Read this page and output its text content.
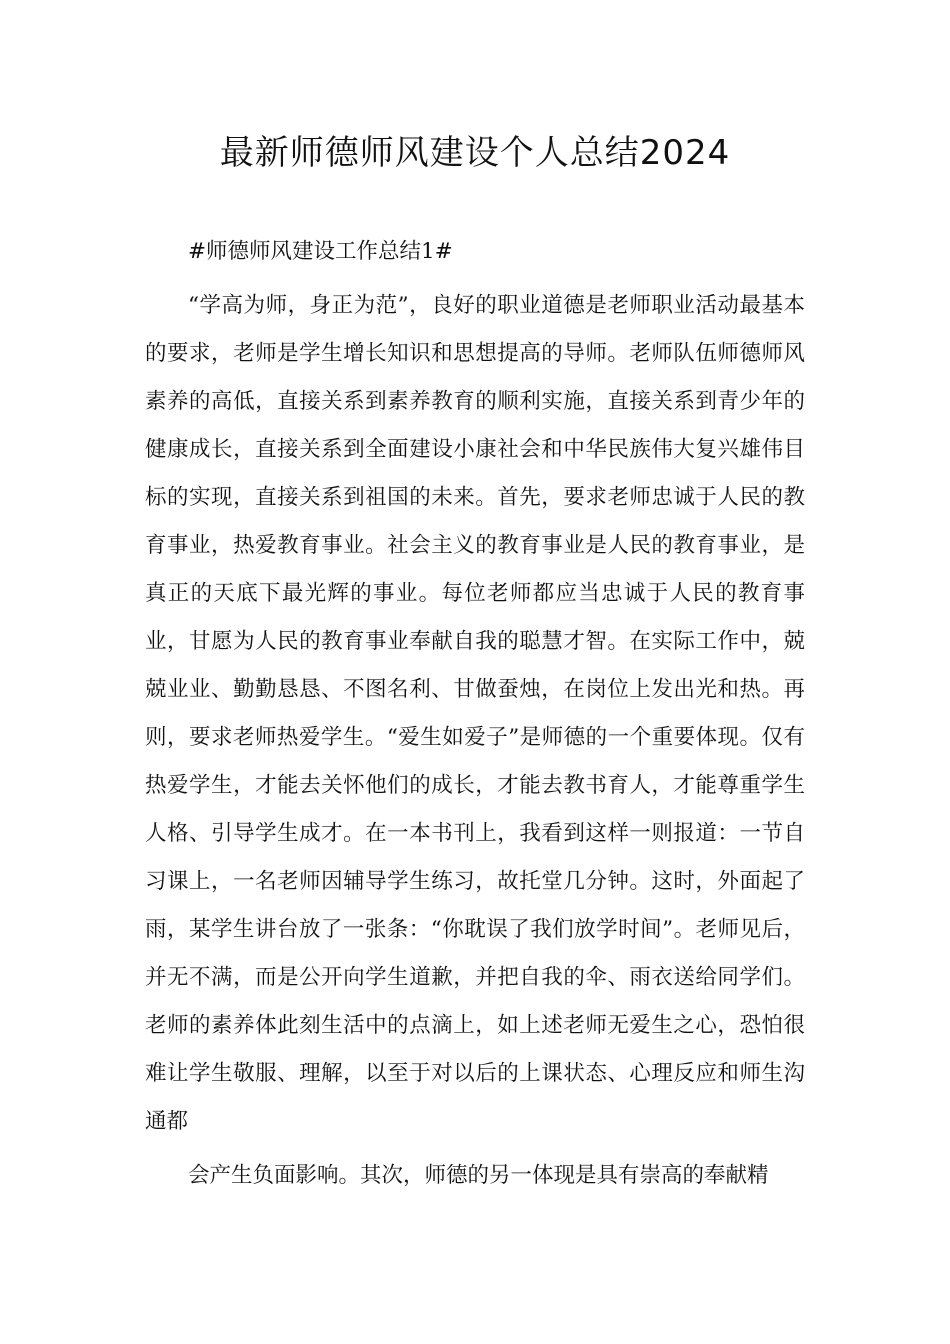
最新师德师风建设个人总结2024

#师德师风建设工作总结1#

“学高为师，身正为范”，良好的职业道德是老师职业活动最基本的要求，老师是学生增长知识和思想提高的导师。老师队伍师德师风素养的高低，直接关系到素养教育的顺利实施，直接关系到青少年的健康成长，直接关系到全面建设小康社会和中华民族伟大复兴雄伟目标的实现，直接关系到祖国的未来。首先，要求老师忠诚于人民的教育事业，热爱教育事业。社会主义的教育事业是人民的教育事业，是真正的天底下最光辉的事业。每位老师都应当忠诚于人民的教育事业，甘愿为人民的教育事业奉献自我的聪慧才智。在实际工作中，兢兢业业、勤勤恳恳、不图名利、甘做蚕烛，在岗位上发出光和热。再则，要求老师热爱学生。“爱生如爱子”是师德的一个重要体现。仅有热爱学生，才能去关怀他们的成长，才能去教书育人，才能尊重学生人格、引导学生成才。在一本书刊上，我看到这样一则报道：一节自习课上，一名老师因辅导学生练习，故托堂几分钟。这时，外面起了雨，某学生讲台放了一张条：“你耽误了我们放学时间”。老师见后，并无不满，而是公开向学生道歉，并把自我的伞、雨衣送给同学们。老师的素养体此刻生活中的点滴上，如上述老师无爱生之心，恐怕很难让学生敬服、理解，以至于对以后的上课状态、心理反应和师生沟通都

会产生负面影响。其次，师德的另一体现是具有崇高的奉献精
